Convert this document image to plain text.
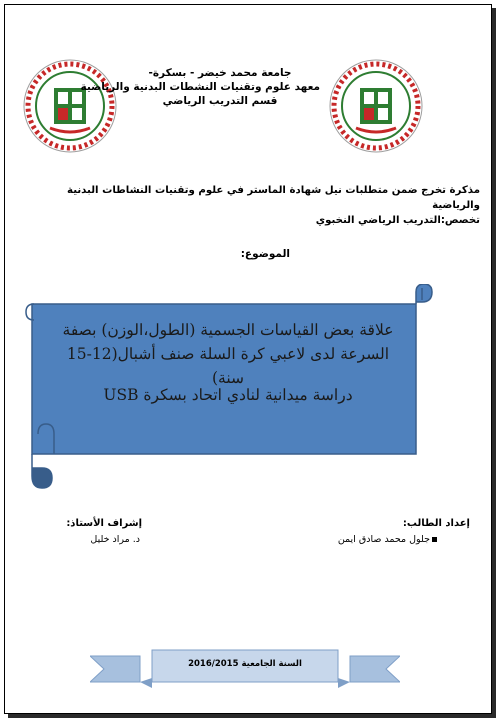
جامعة محمد خيضر - بسكرة-
معهد علوم وتقنيات النشطات البدنية والرياضية
قسم التدريب الرياضي
مذكرة تخرج ضمن متطلبات نيل شهادة الماستر في علوم وتقنيات النشاطات البدنية
والرياضية
تخصص:التدريب الرياضي النخبوي
الموضوع:
علاقة بعض القياسات الجسمية (الطول،الوزن) بصفة
السرعة لدى لاعبي كرة السلة صنف أشبال(12-15 سنة)
دراسة ميدانية لنادي اتحاد بسكرة USB
إعداد الطالب:
جلول محمد صادق ايمن
إشراف الأستاذ:
د. مراد خليل
السنة الجامعية 2016/2015
